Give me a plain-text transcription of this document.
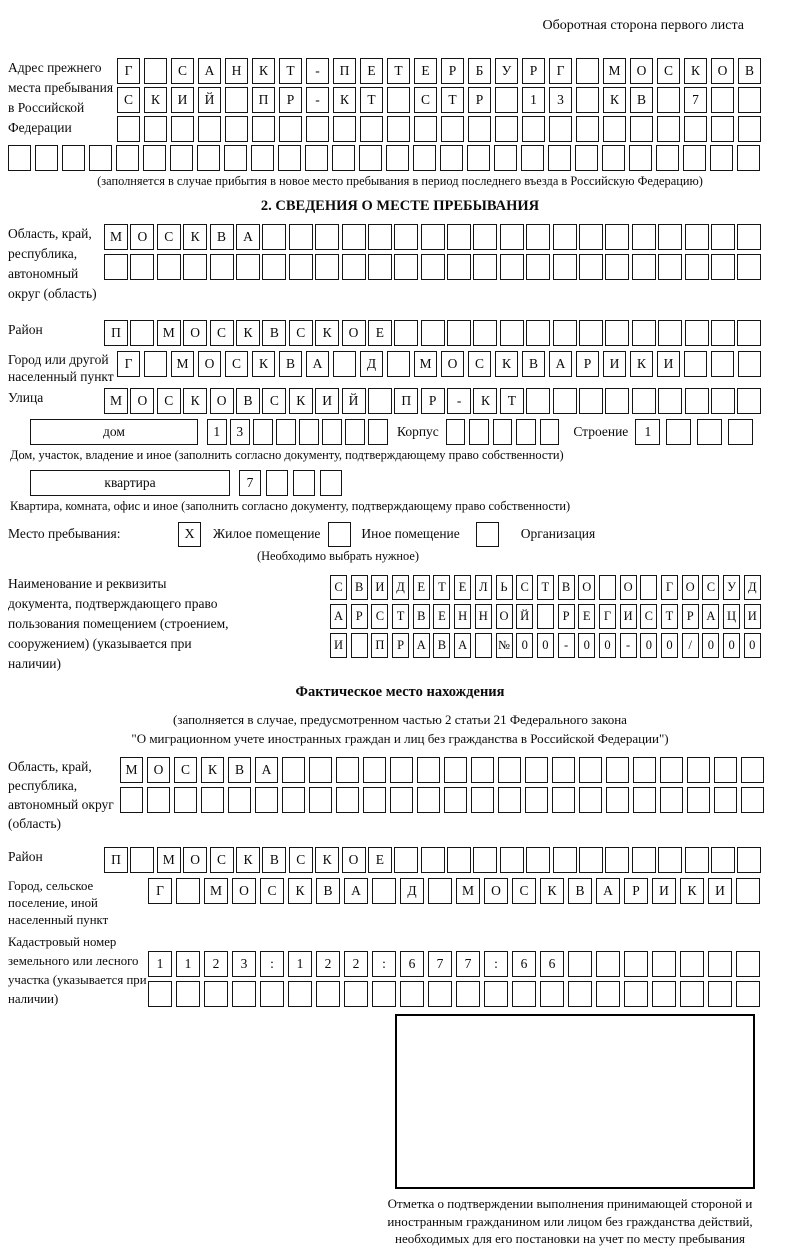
Оборотная сторона первого листа
Адрес прежнего места пребывания в Российской Федерации
Г	С	А	Н	К	Т	-	П	Е	Т	Е	Р	Б	У	Р	Г	М	О	С	К	О	В
С	К	И	Й	П	Р	-	К	Т	С	Т	Р	1	3	К	В	7
(заполняется в случае прибытия в новое место пребывания в период последнего въезда в Российскую Федерацию)
2. СВЕДЕНИЯ О МЕСТЕ ПРЕБЫВАНИЯ
Область, край, республика, автономный округ (область)
М	О	С	К	В	А
Район	П	М	О	С	К	В	С	К	О	Е
Город или другой населенный пункт
Г	М	О	С	К	В	А	Д	М	О	С	К	В	А	Р	И	К	И
Улица	М	О	С	К	О	В	С	К	И	Й	П	Р	-	К	Т
дом	1	3	Корпус	Строение	1
Дом, участок, владение и иное (заполнить согласно документу, подтверждающему право собственности)
квартира	7
Квартира, комната, офис и иное (заполнить согласно документу, подтверждающему право собственности)
Место пребывания:	X	Жилое помещение	Иное помещение	Организация
(Необходимо выбрать нужное)
Наименование и реквизиты документа, подтверждающего право пользования помещением (строением, сооружением) (указывается при наличии)
С В И Д	Е	Т	Е	Л	Ь	С	Т	В О	О	Г	О С У Д
А	Р	С	Т	В	Е Н Н О Й	Р	Е	Г	И С	Т	Р	А Ц И
И	П	Р	А В А	№ 0	0	-	0	0	-	0	0	/	0	0	0
Фактическое место нахождения
(заполняется в случае, предусмотренном частью 2 статьи 21 Федерального закона
"О миграционном учете иностранных граждан и лиц без гражданства в Российской Федерации")
Область, край, республика, автономный округ (область)
М	О	С	К	В	А
Район	П	М	О	С	К	В	С	К	О	Е
Город, сельское поселение, иной населенный пункт
Г	М	О	С	К	В	А	Д	М	О	С	К	В	А	Р	И	К	И
Кадастровый номер земельного или лесного участка (указывается при наличии)
1	1	2	3	:	1	2	2	:	6	7	7	:	6	6
Отметка о подтверждении выполнения принимающей стороной и иностранным гражданином или лицом без гражданства действий, необходимых для его постановки на учет по месту пребывания
